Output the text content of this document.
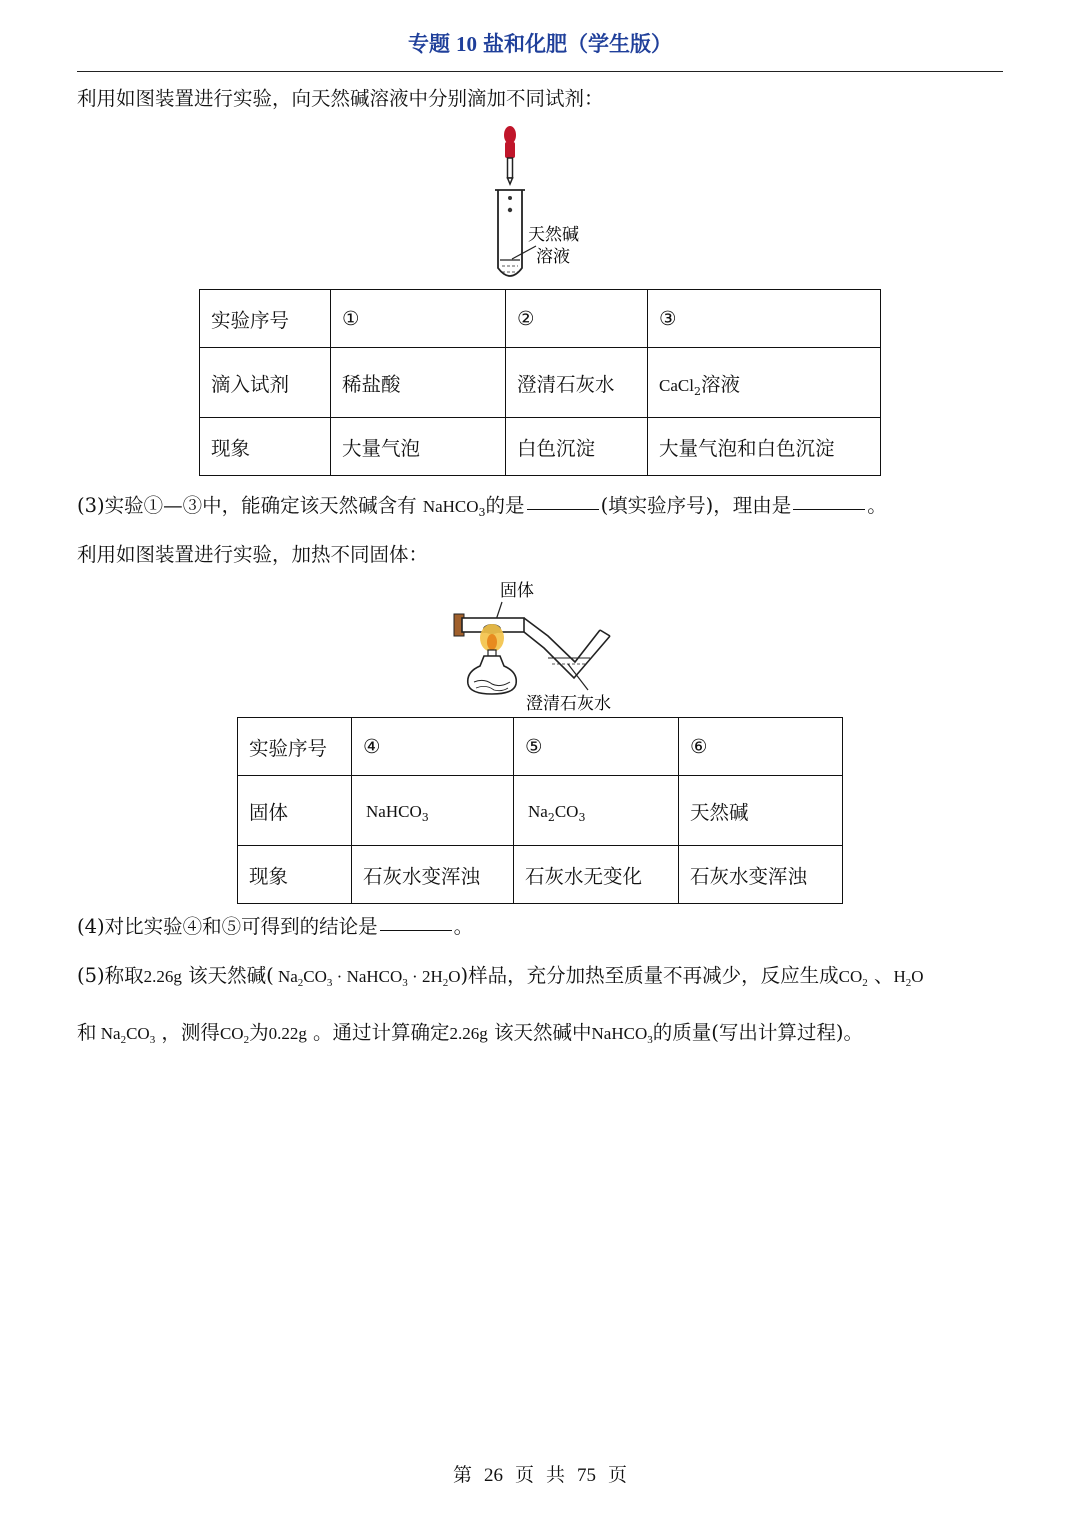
专题 10 盐和化肥（学生版）
利用如图装置进行实验，向天然碱溶液中分别滴加不同试剂：
天然碱
溶液
实验序号	①	②	③
滴入试剂	稀盐酸	澄清石灰水	CaCl$_2$溶液
现象	大量气泡	白色沉淀	大量气泡和白色沉淀
(3)实验①—③中，能确定该天然碱含有 NaHCO$_3$的是	(填实验序号)，理由是	。
利用如图装置进行实验，加热不同固体：
固体
澄清石灰水
实验序号	④	⑤	⑥
固体	NaHCO$_3$	$Na_2CO_3$	天然碱
现象	石灰水变浑浊	石灰水无变化	石灰水变浑浊
(4)对比实验④和⑤可得到的结论是	。
(5)称取2.26g 该天然碱( $Na_2CO_3$ · NaHCO$_3$ · $2H_2O$)样品，充分加热至质量不再减少，反应生成$CO_2$ 、$H_2O$
和 $Na_2CO_3$ ，测得$CO_2$为0.22g 。通过计算确定2.26g 该天然碱中NaHCO$_3$的质量(写出计算过程)。
第 26 页 共 75 页
